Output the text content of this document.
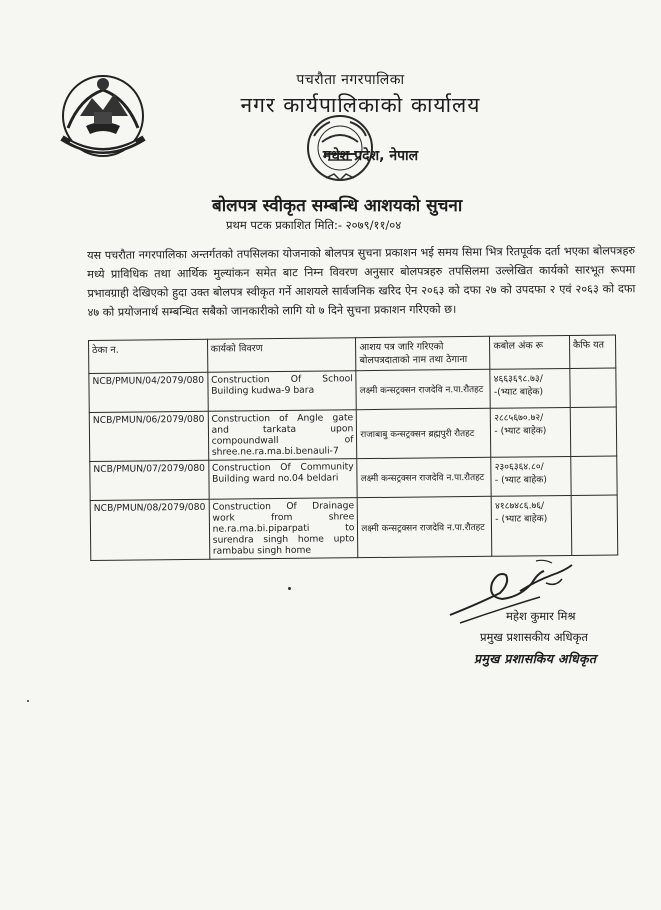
पचरौता नगरपालिका
नगर कार्यपालिकाको कार्यालय
मधेश प्रदेश, नेपाल
बोलपत्र स्वीकृत सम्बन्धि आशयको सुचना
प्रथम पटक प्रकाशित मिति:- २०७९/११/०४
यस पचरौता नगरपालिका अन्तर्गतको तपसिलका योजनाको बोलपत्र सुचना प्रकाशन भई समय सिमा भित्र रितपूर्वक दर्ता भएका बोलपत्रहरु मध्ये प्राविधिक तथा आर्थिक मुल्यांकन समेत बाट निम्न विवरण अनुसार बोलपत्रहरु तपसिलमा उल्लेखित कार्यको सारभूत रूपमा प्रभावग्राही देखिएको हुदा उक्त बोलपत्र स्वीकृत गर्ने आशयले सार्वजनिक खरिद ऐन २०६३ को दफा २७ को उपदफा २ एवं २०६३ को दफा ४७ को प्रयोजनार्थ सम्बन्धित सबैको जानकारीको लागि यो ७ दिने सुचना प्रकाशन गरिएको छ।
ठेका न.	कार्यको विवरण	आशय पत्र जारि गरिएको बोलपत्रदाताको नाम तथा ठेगाना	कबोल अंक रू	कैफि यत
NCB/PMUN/04/2079/080	Construction Of School Building kudwa-9 bara	लक्ष्मी कन्सट्रक्सन राजदेवि न.पा.रौतहट	४६६३६९८.७३/
-(भ्याट बाहेक)	

NCB/PMUN/06/2079/080	Construction of Angle gate and tarkata upon compoundwall of shree.ne.ra.ma.bi.benauli-7	राजाबाबु कन्सट्रक्सन ब्रह्मपुरी रौतहट	२८८५६७०.७२/
- (भ्याट बाहेक)	

NCB/PMUN/07/2079/080	Construction Of Community Building ward no.04 beldari	लक्ष्मी कन्सट्रक्सन राजदेवि न.पा.रौतहट	२३०६३६४.८०/
- (भ्याट बाहेक)	

NCB/PMUN/08/2079/080	Construction Of Drainage work from shree ne.ra.ma.bi.piparpati to surendra singh home upto rambabu singh home	लक्ष्मी कन्सट्रक्सन राजदेवि न.पा.रौतहट	४१८७४८६.७६/
- (भ्याट बाहेक)	

महेश कुमार मिश्र
प्रमुख प्रशासकीय अधिकृत
प्रमुख प्रशासकिय अधिकृत
